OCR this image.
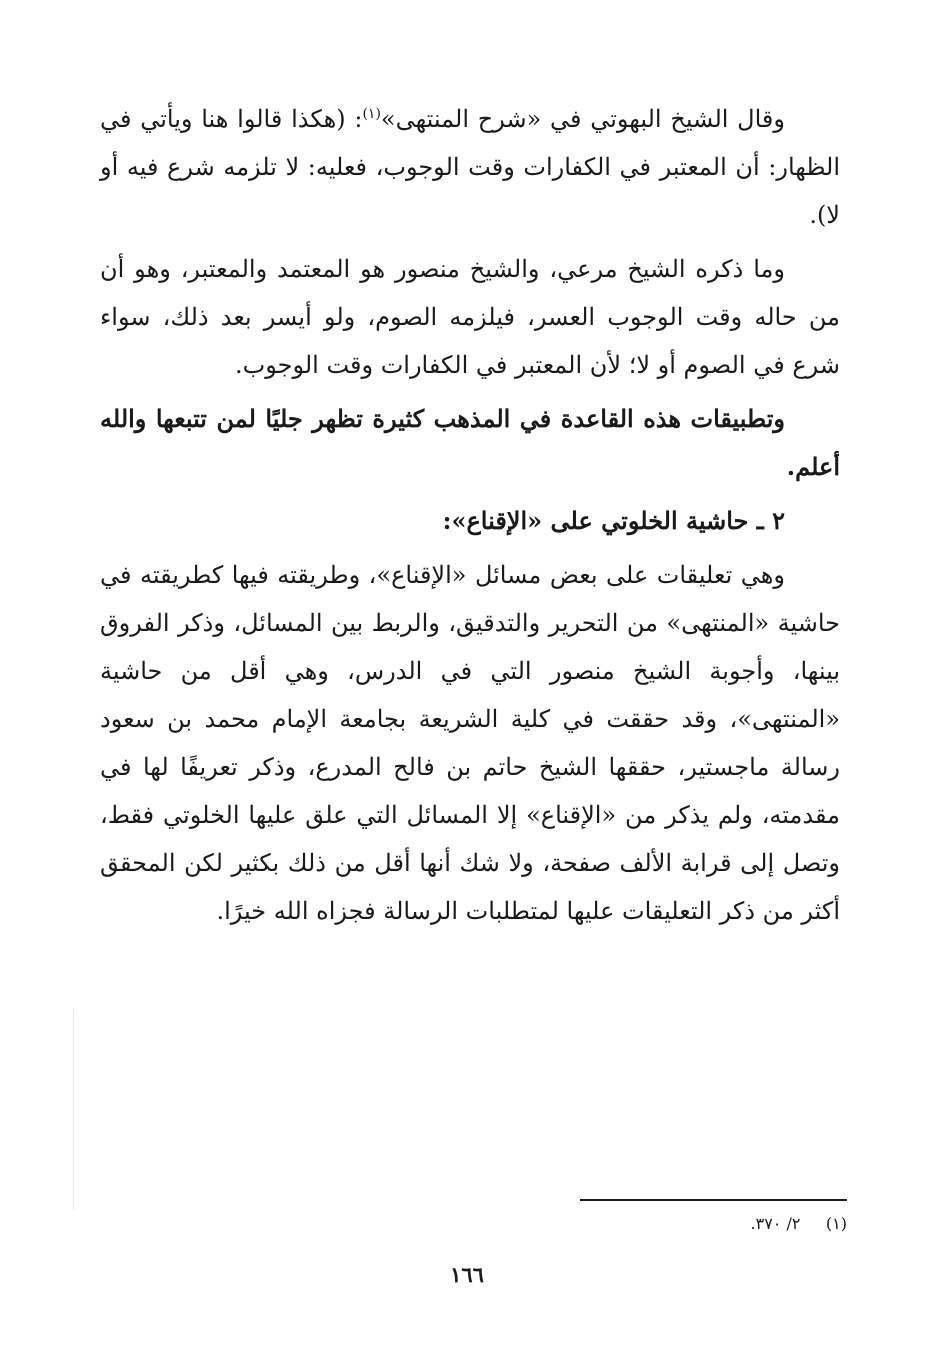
وقال الشيخ البهوتي في «شرح المنتهى»$^{(١)}$: (هكذا قالوا هنا ويأتي في الظهار: أن المعتبر في الكفارات وقت الوجوب، فعليه: لا تلزمه شرع فيه أو لا).

وما ذكره الشيخ مرعي، والشيخ منصور هو المعتمد والمعتبر، وهو أن من حاله وقت الوجوب العسر، فيلزمه الصوم، ولو أيسر بعد ذلك، سواء شرع في الصوم أو لا؛ لأن المعتبر في الكفارات وقت الوجوب.

وتطبيقات هذه القاعدة في المذهب كثيرة تظهر جليًا لمن تتبعها والله أعلم.

٢ ـ حاشية الخلوتي على «الإقناع»:

وهي تعليقات على بعض مسائل «الإقناع»، وطريقته فيها كطريقته في حاشية «المنتهى» من التحرير والتدقيق، والربط بين المسائل، وذكر الفروق بينها، وأجوبة الشيخ منصور التي في الدرس، وهي أقل من حاشية «المنتهى»، وقد حققت في كلية الشريعة بجامعة الإمام محمد بن سعود رسالة ماجستير، حققها الشيخ حاتم بن فالح المدرع، وذكر تعريفًا لها في مقدمته، ولم يذكر من «الإقناع» إلا المسائل التي علق عليها الخلوتي فقط، وتصل إلى قرابة الألف صفحة، ولا شك أنها أقل من ذلك بكثير لكن المحقق أكثر من ذكر التعليقات عليها لمتطلبات الرسالة فجزاه الله خيرًا.

(١)     ٢/ ٣٧٠.
١٦٦
